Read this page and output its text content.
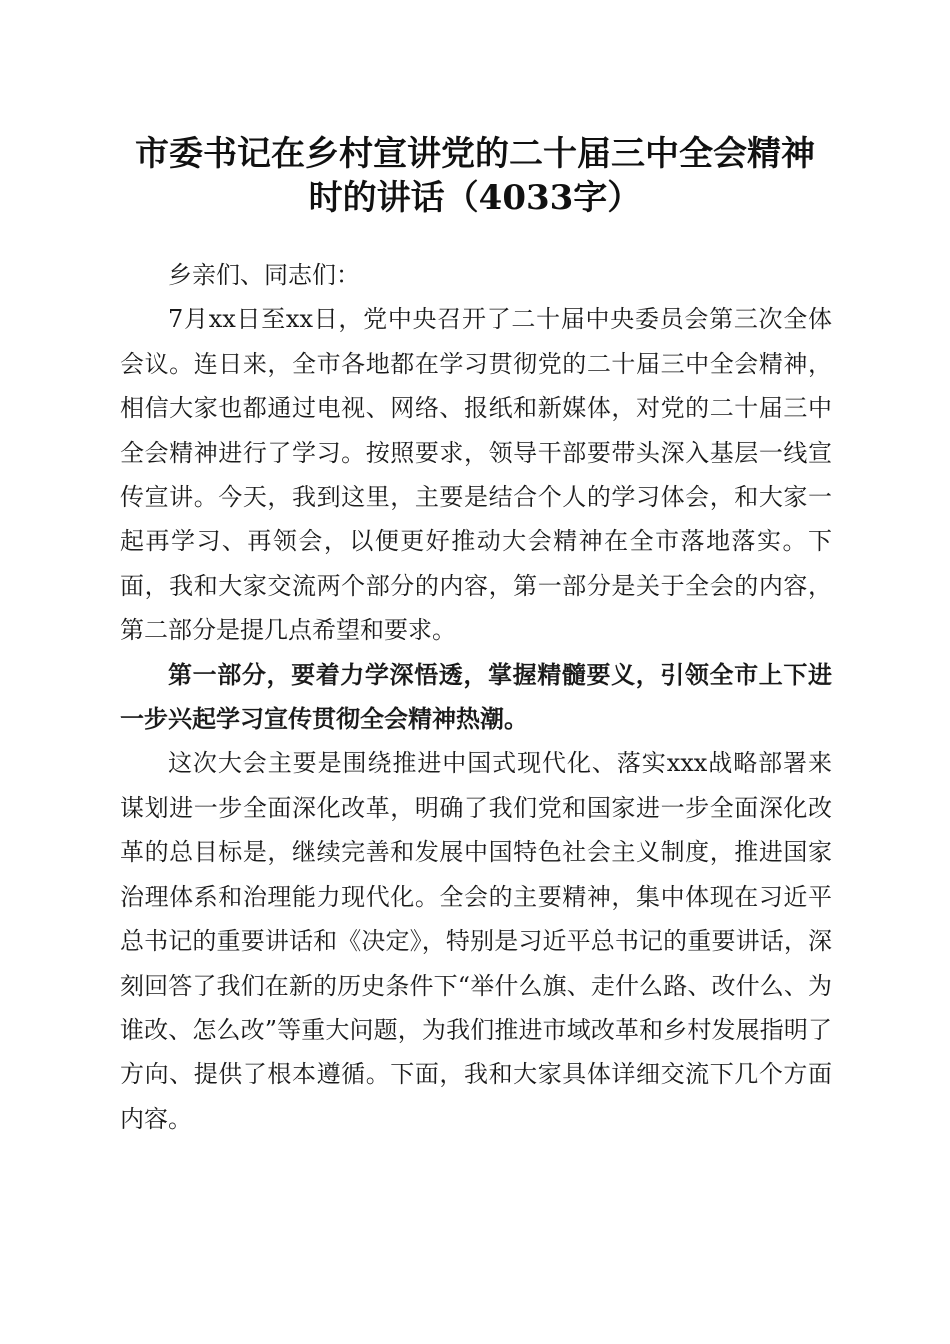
市委书记在乡村宣讲党的二十届三中全会精神
时的讲话（4033字）

乡亲们、同志们：

7月xx日至xx日，党中央召开了二十届中央委员会第三次全体会议。连日来，全市各地都在学习贯彻党的二十届三中全会精神，相信大家也都通过电视、网络、报纸和新媒体，对党的二十届三中全会精神进行了学习。按照要求，领导干部要带头深入基层一线宣传宣讲。今天，我到这里，主要是结合个人的学习体会，和大家一起再学习、再领会，以便更好推动大会精神在全市落地落实。下面，我和大家交流两个部分的内容，第一部分是关于全会的内容，第二部分是提几点希望和要求。

第一部分，要着力学深悟透，掌握精髓要义，引领全市上下进一步兴起学习宣传贯彻全会精神热潮。

这次大会主要是围绕推进中国式现代化、落实xxx战略部署来谋划进一步全面深化改革，明确了我们党和国家进一步全面深化改革的总目标是，继续完善和发展中国特色社会主义制度，推进国家治理体系和治理能力现代化。全会的主要精神，集中体现在习近平总书记的重要讲话和《决定》，特别是习近平总书记的重要讲话，深刻回答了我们在新的历史条件下“举什么旗、走什么路、改什么、为谁改、怎么改”等重大问题，为我们推进市域改革和乡村发展指明了方向、提供了根本遵循。下面，我和大家具体详细交流下几个方面内容。
